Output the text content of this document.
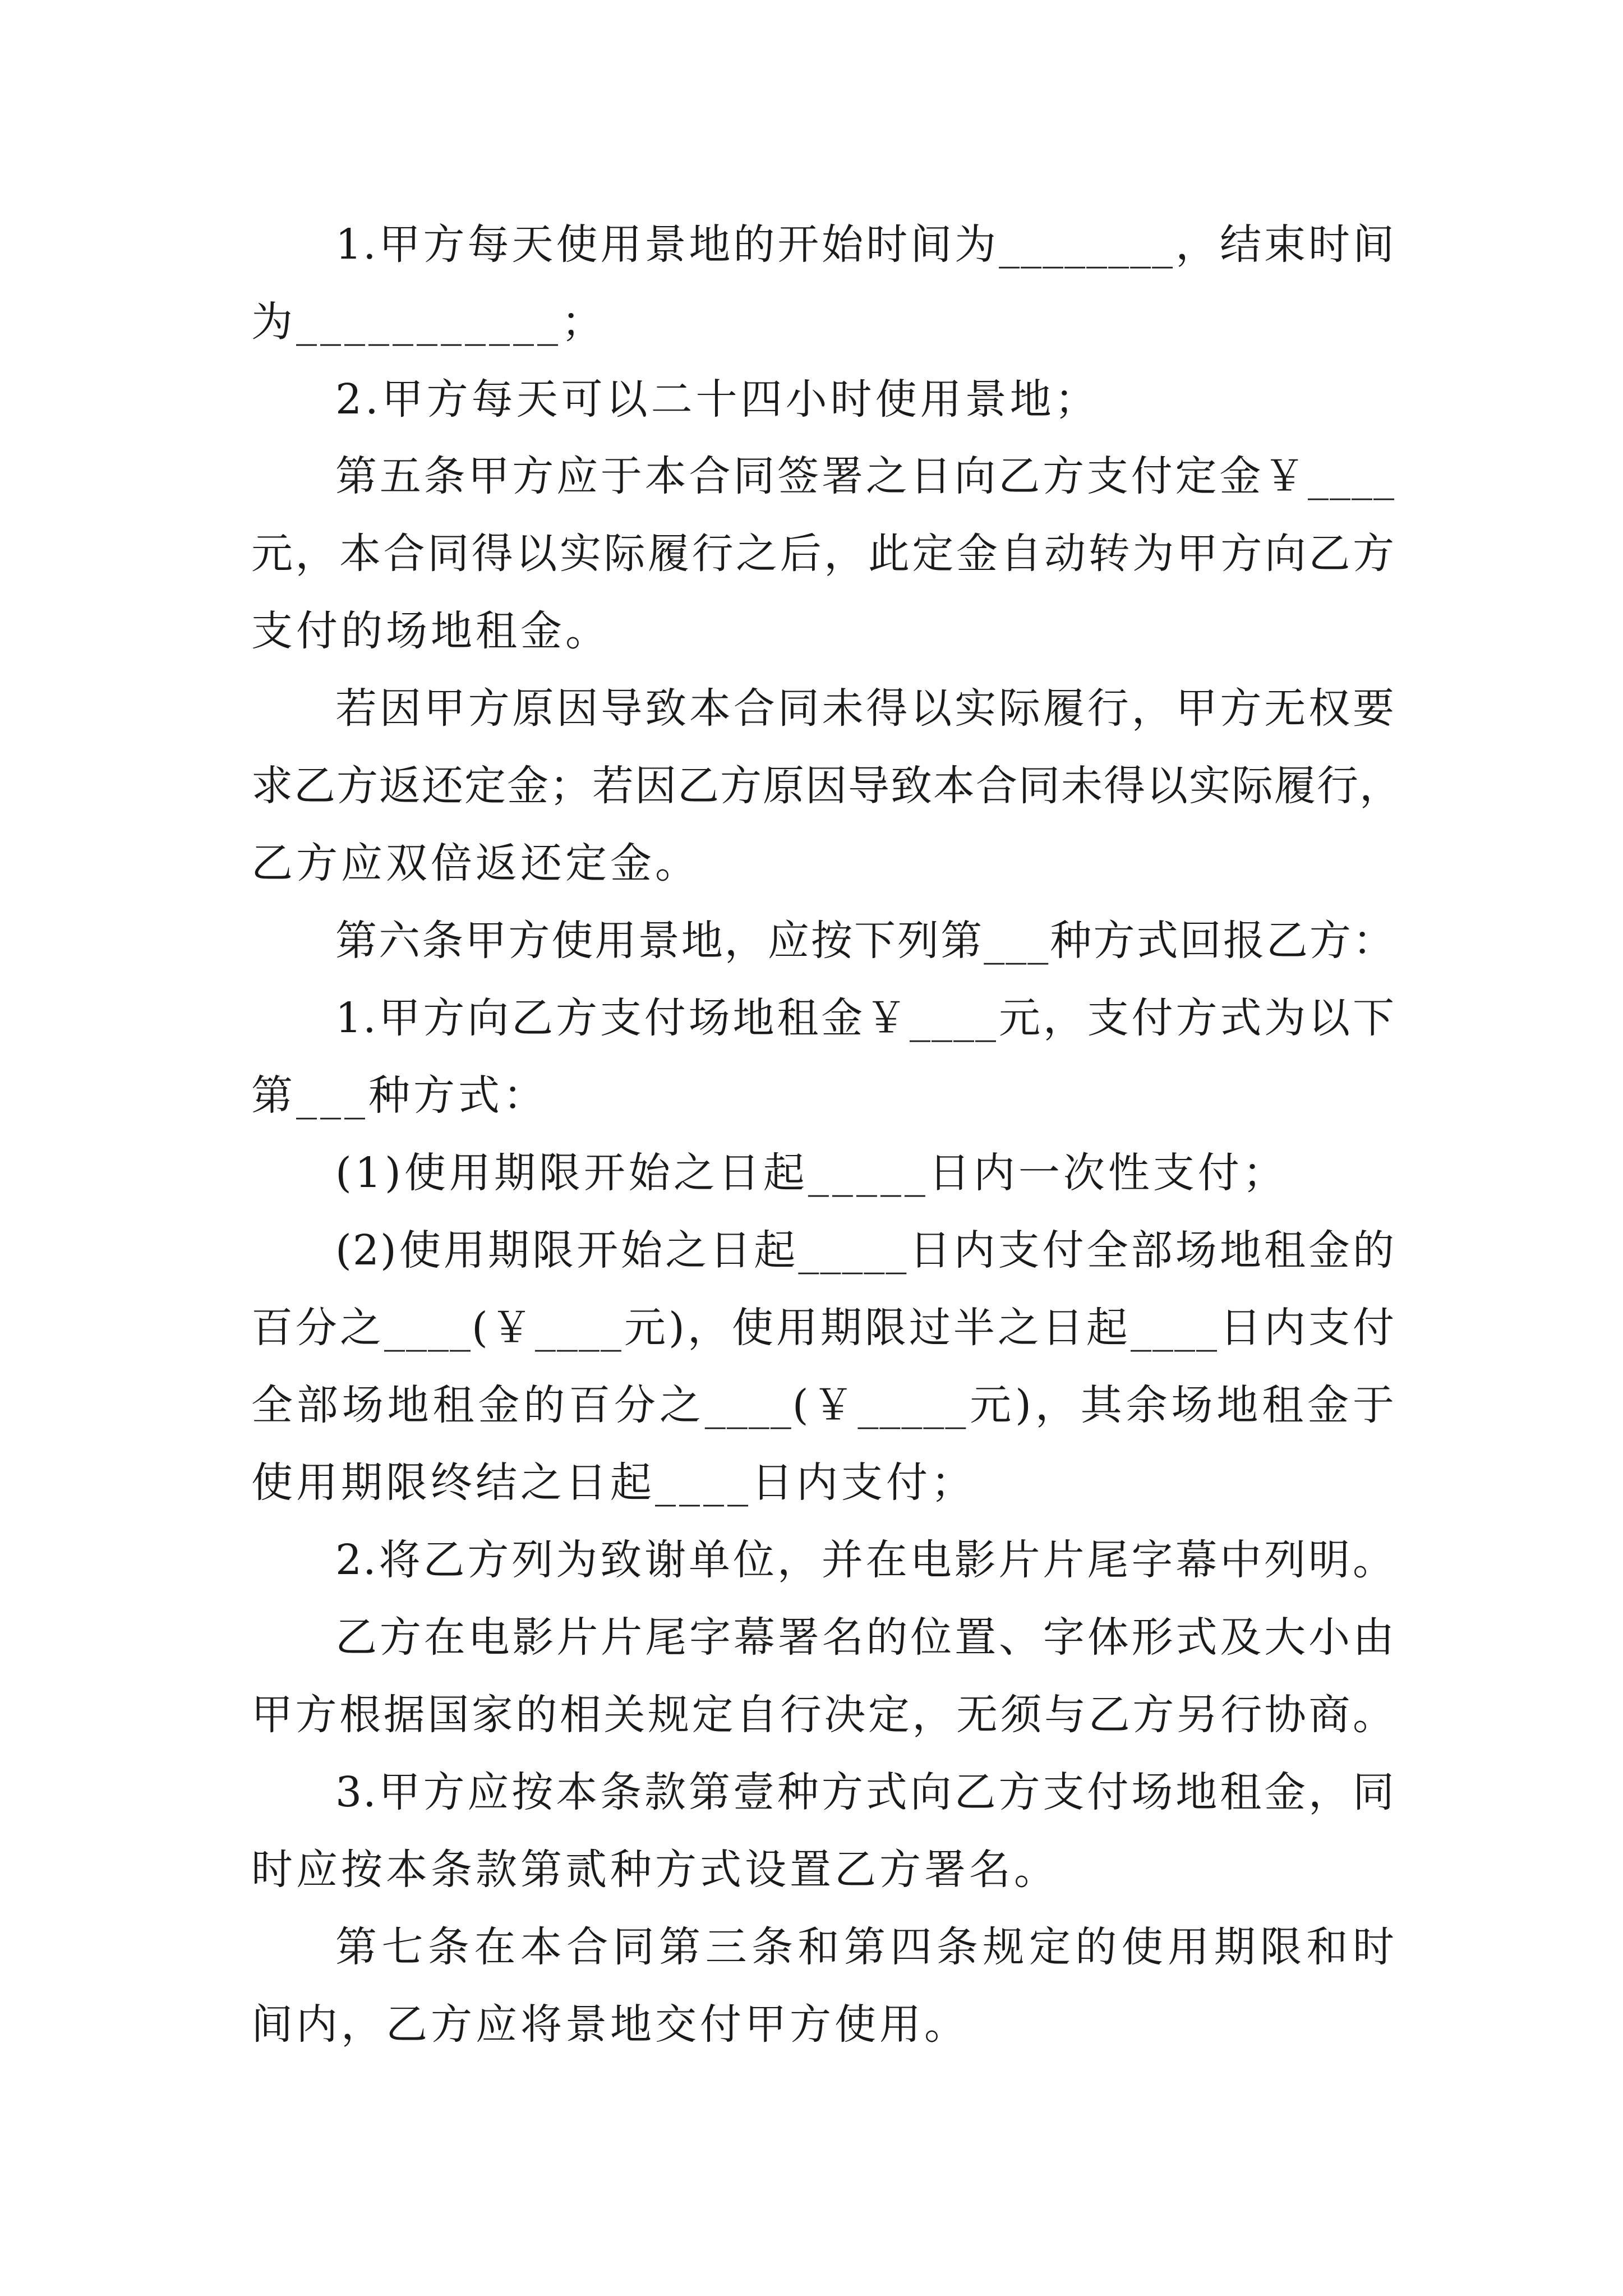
1.甲方每天使用景地的开始时间为________，结束时间
为___________；
2.甲方每天可以二十四小时使用景地；
第五条甲方应于本合同签署之日向乙方支付定金￥____
元，本合同得以实际履行之后，此定金自动转为甲方向乙方
支付的场地租金。
若因甲方原因导致本合同未得以实际履行，甲方无权要
求乙方返还定金；若因乙方原因导致本合同未得以实际履行，
乙方应双倍返还定金。
第六条甲方使用景地，应按下列第___种方式回报乙方：
1.甲方向乙方支付场地租金￥____元，支付方式为以下
第___种方式：
(1)使用期限开始之日起_____日内一次性支付；
(2)使用期限开始之日起_____日内支付全部场地租金的
百分之____(￥____元)，使用期限过半之日起____日内支付
全部场地租金的百分之____(￥_____元)，其余场地租金于
使用期限终结之日起____日内支付；
2.将乙方列为致谢单位，并在电影片片尾字幕中列明。
乙方在电影片片尾字幕署名的位置、字体形式及大小由
甲方根据国家的相关规定自行决定，无须与乙方另行协商。
3.甲方应按本条款第壹种方式向乙方支付场地租金，同
时应按本条款第贰种方式设置乙方署名。
第七条在本合同第三条和第四条规定的使用期限和时
间内，乙方应将景地交付甲方使用。
